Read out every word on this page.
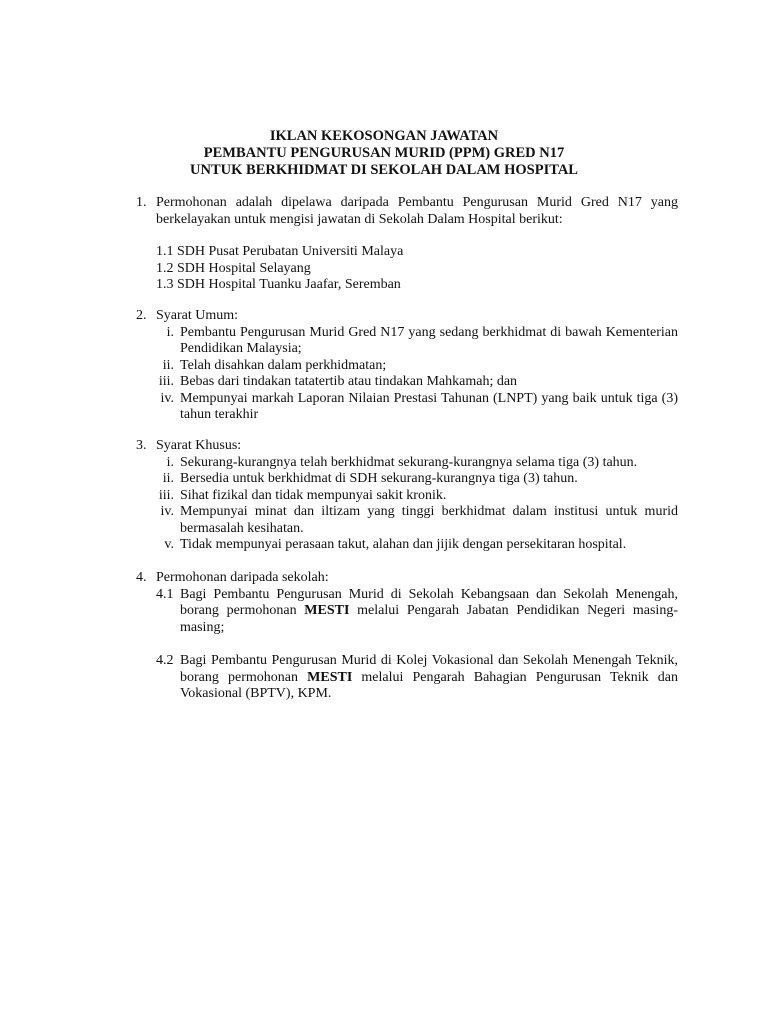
IKLAN KEKOSONGAN JAWATAN
PEMBANTU PENGURUSAN MURID (PPM) GRED N17
UNTUK BERKHIDMAT DI SEKOLAH DALAM HOSPITAL
1. Permohonan adalah dipelawa daripada Pembantu Pengurusan Murid Gred N17 yang berkelayakan untuk mengisi jawatan di Sekolah Dalam Hospital berikut:
1.1 SDH Pusat Perubatan Universiti Malaya
1.2 SDH Hospital Selayang
1.3 SDH Hospital Tuanku Jaafar, Seremban
2. Syarat Umum:
i. Pembantu Pengurusan Murid Gred N17 yang sedang berkhidmat di bawah Kementerian Pendidikan Malaysia;
ii. Telah disahkan dalam perkhidmatan;
iii. Bebas dari tindakan tatatertib atau tindakan Mahkamah; dan
iv. Mempunyai markah Laporan Nilaian Prestasi Tahunan (LNPT) yang baik untuk tiga (3) tahun terakhir
3. Syarat Khusus:
i. Sekurang-kurangnya telah berkhidmat sekurang-kurangnya selama tiga (3) tahun.
ii. Bersedia untuk berkhidmat di SDH sekurang-kurangnya tiga (3) tahun.
iii. Sihat fizikal dan tidak mempunyai sakit kronik.
iv. Mempunyai minat dan iltizam yang tinggi berkhidmat dalam institusi untuk murid bermasalah kesihatan.
v. Tidak mempunyai perasaan takut, alahan dan jijik dengan persekitaran hospital.
4. Permohonan daripada sekolah:
4.1 Bagi Pembantu Pengurusan Murid di Sekolah Kebangsaan dan Sekolah Menengah, borang permohonan MESTI melalui Pengarah Jabatan Pendidikan Negeri masing-masing;
4.2 Bagi Pembantu Pengurusan Murid di Kolej Vokasional dan Sekolah Menengah Teknik, borang permohonan MESTI melalui Pengarah Bahagian Pengurusan Teknik dan Vokasional (BPTV), KPM.
